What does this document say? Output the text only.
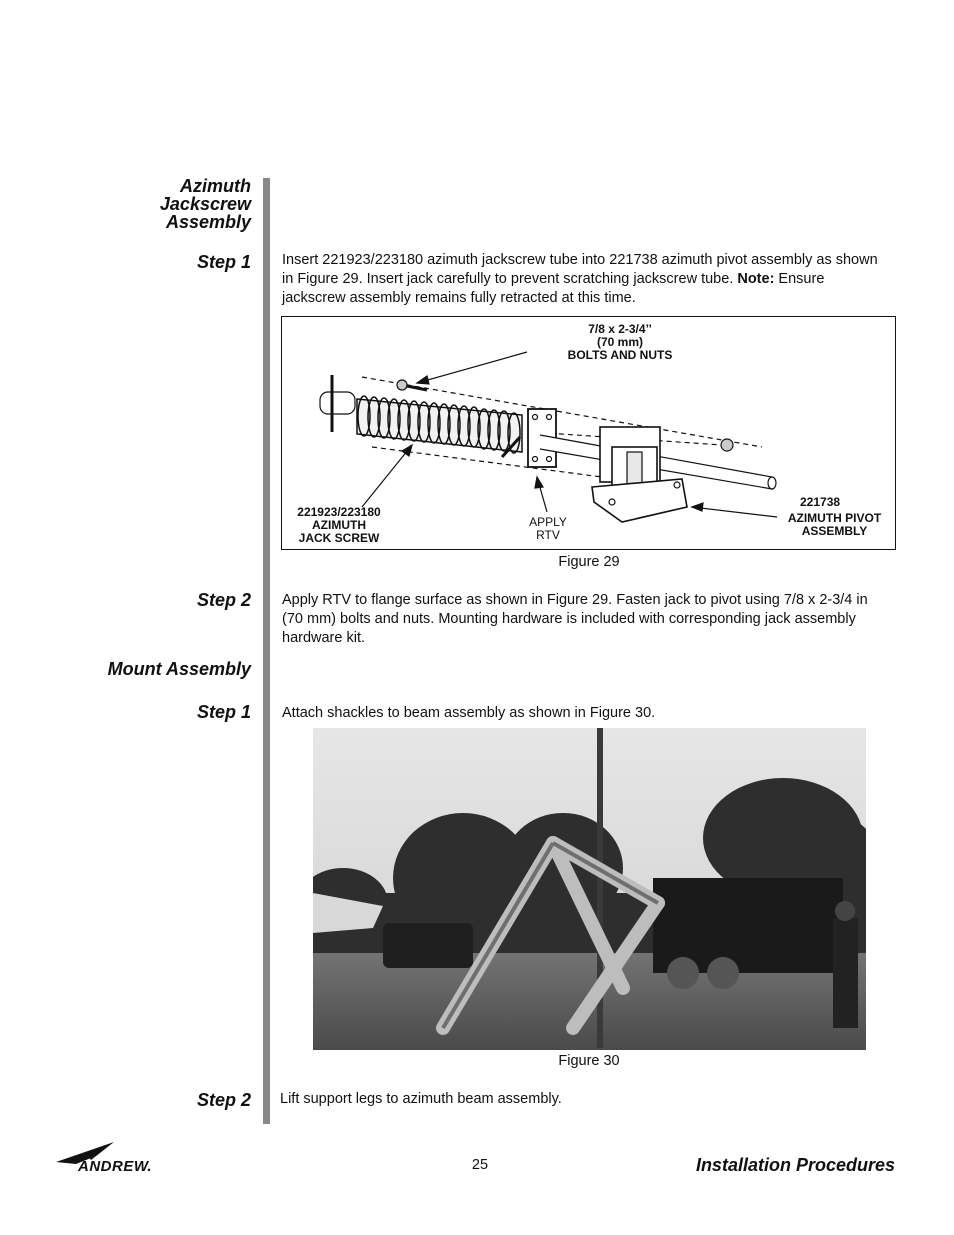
Azimuth
Jackscrew
Assembly
Step 1
Step 2
Mount Assembly
Step 1
Step 2
Insert 221923/223180 azimuth jackscrew tube into 221738 azimuth pivot assembly as shown in Figure 29. Insert jack carefully to prevent scratching jackscrew tube. Note: Ensure jackscrew assembly remains fully retracted at this time.
7/8 x 2-3/4’’
(70 mm)
BOLTS AND NUTS
221923/223180
AZIMUTH
JACK SCREW
APPLY
RTV
221738
AZIMUTH PIVOT
ASSEMBLY
Figure 29
Apply RTV to flange surface as shown in Figure 29. Fasten jack to pivot using 7/8 x 2-3/4 in (70 mm) bolts and nuts. Mounting hardware is included with corresponding jack assembly hardware kit.
Attach shackles to beam assembly as shown in Figure 30.
Figure 30
Lift support legs to azimuth beam assembly.
ANDREW.	25	Installation Procedures
